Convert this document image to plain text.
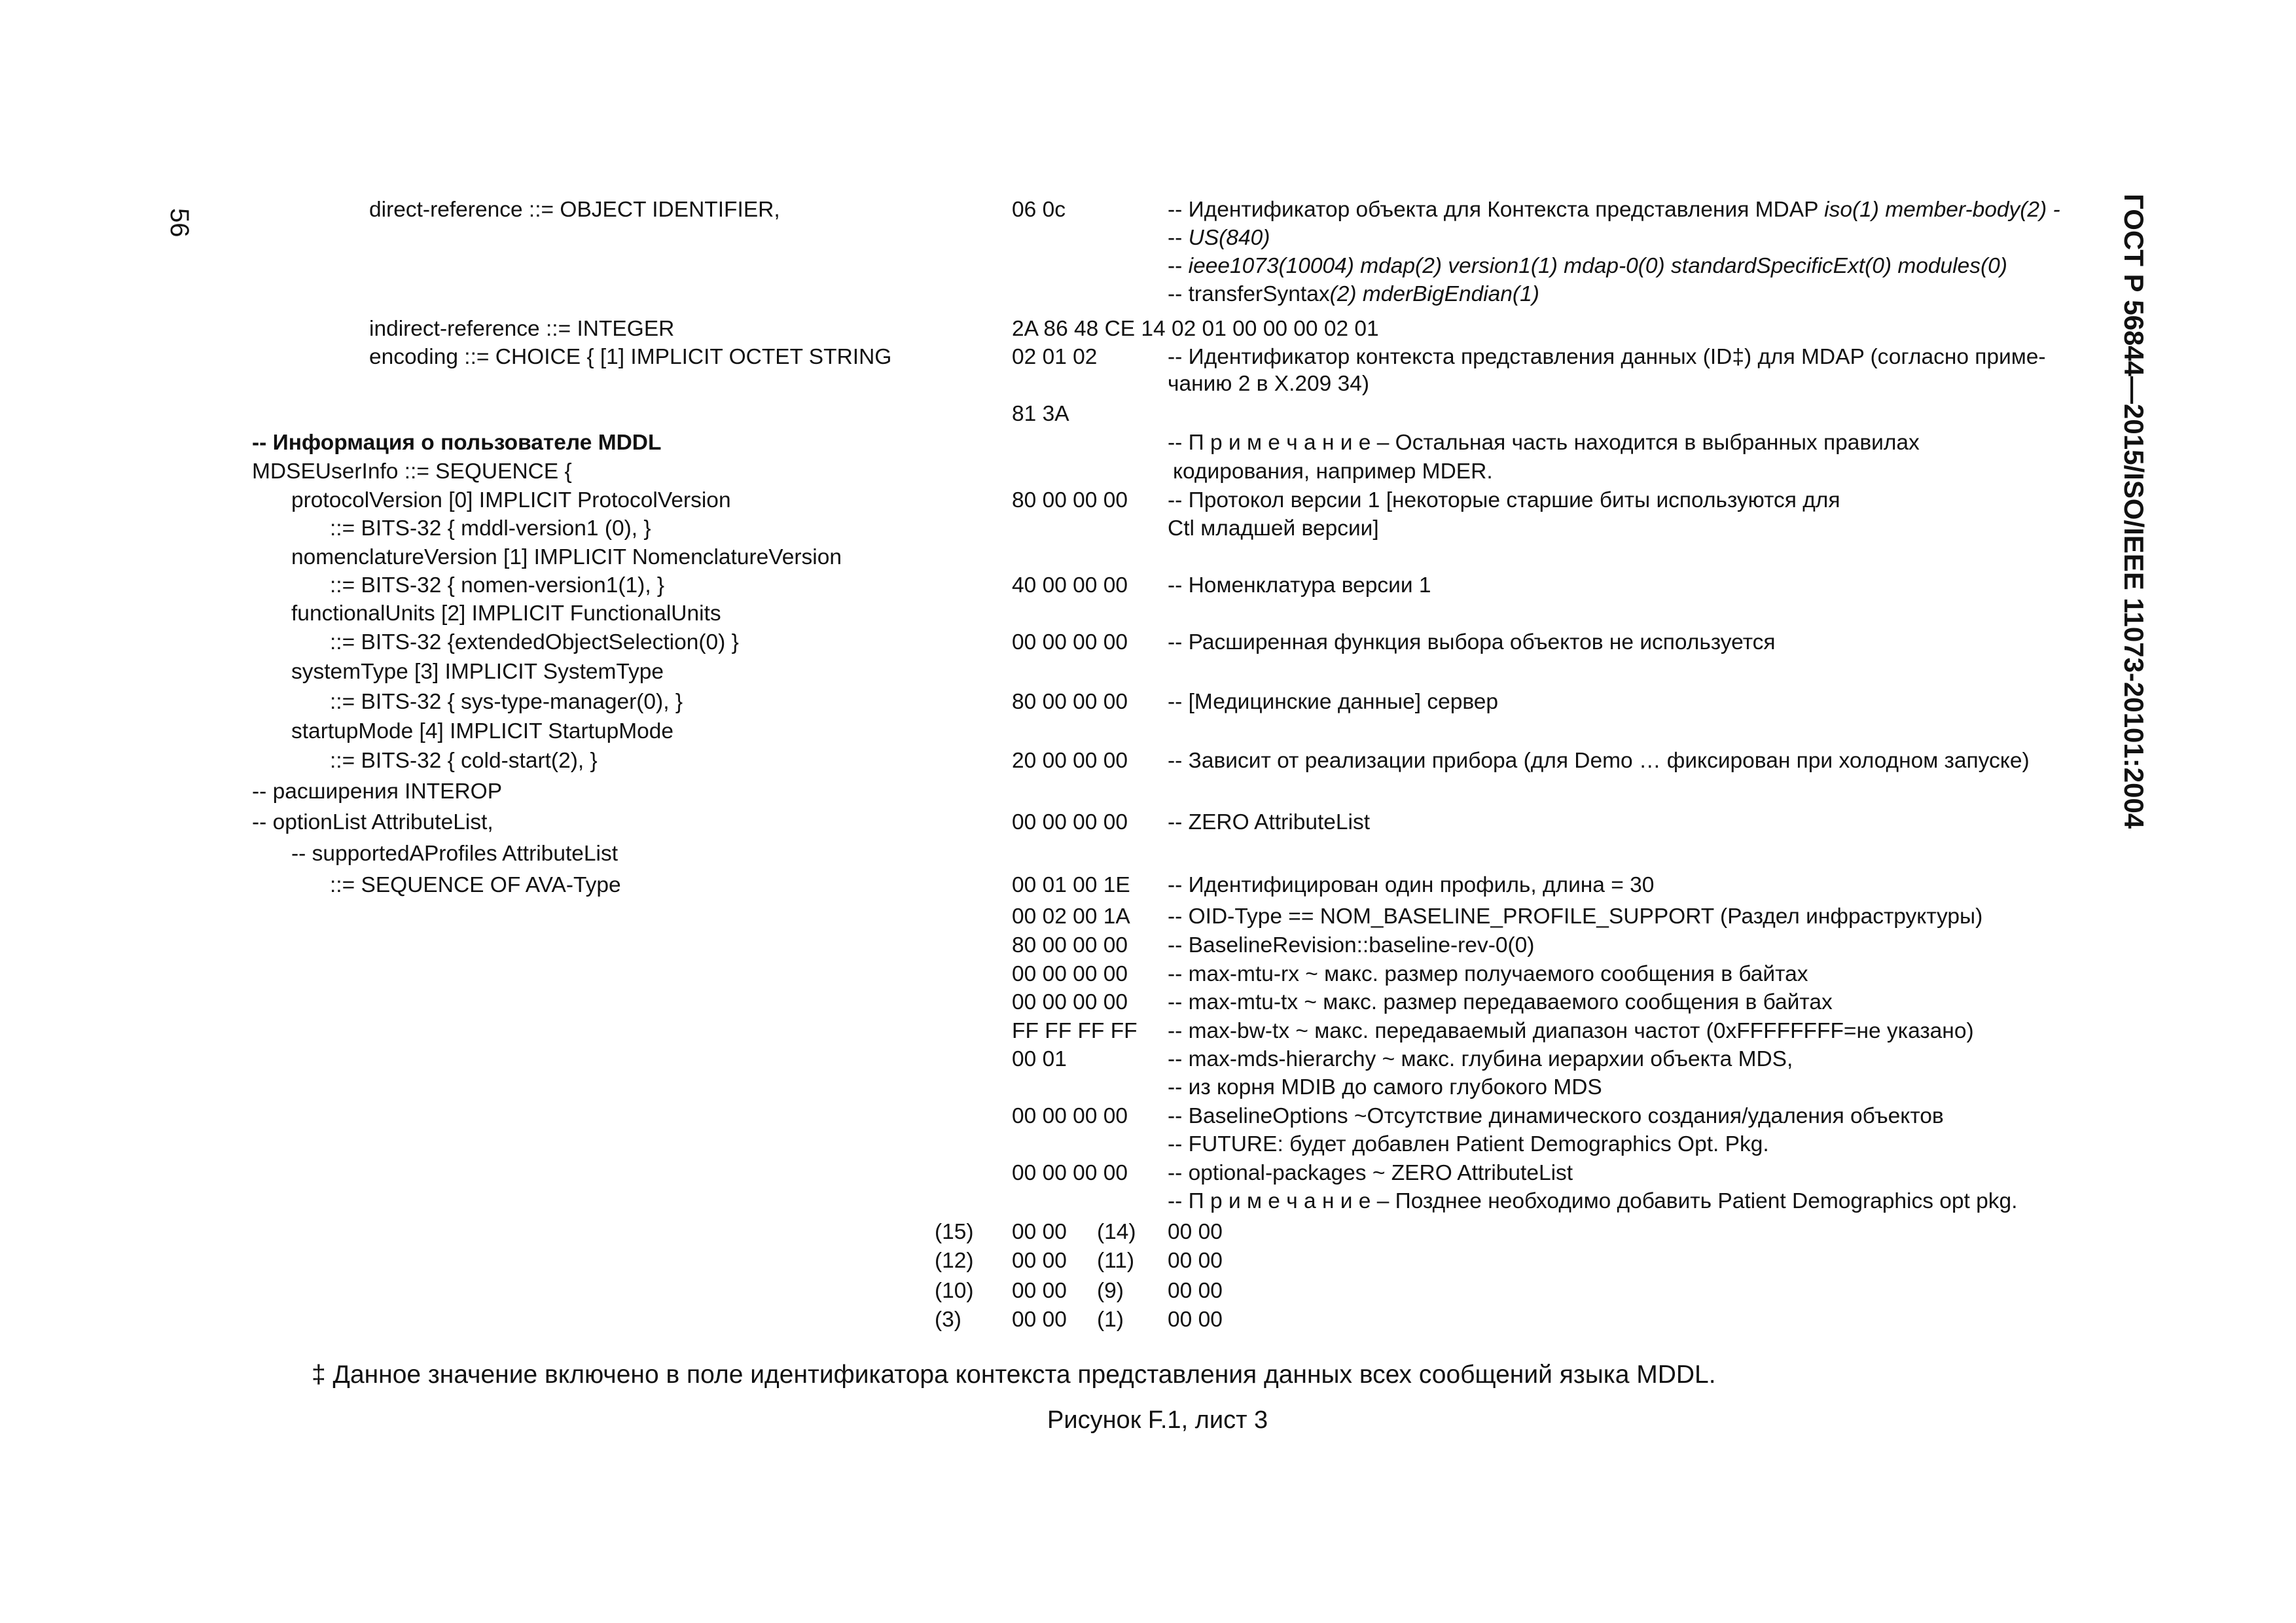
56	ГОСТ Р 56844—2015/ISO/IEEE 11073-20101:2004
direct-reference ::= OBJECT IDENTIFIER,
indirect-reference ::= INTEGER
encoding ::= CHOICE { [1] IMPLICIT OCTET STRING
-- Информация о пользователе MDDL
MDSEUserInfo ::= SEQUENCE {
protocolVersion [0] IMPLICIT ProtocolVersion
::= BITS-32 { mddl-version1 (0), }
nomenclatureVersion [1] IMPLICIT NomenclatureVersion
::= BITS-32 { nomen-version1(1), }
functionalUnits [2] IMPLICIT FunctionalUnits
::= BITS-32 {extendedObjectSelection(0) }
systemType [3] IMPLICIT SystemType
::= BITS-32 { sys-type-manager(0), }
startupMode [4] IMPLICIT StartupMode
::= BITS-32 { cold-start(2), }
-- расширения INTEROP
-- optionList AttributeList,
-- supportedAProfiles AttributeList
::= SEQUENCE OF AVA-Type
06 0c
2A 86 48 CE 14 02 01 00 00 00 02 01
02 01 02
81 3A
80 00 00 00
40 00 00 00
00 00 00 00
80 00 00 00
20 00 00 00
00 00 00 00
00 01 00 1E
00 02 00 1A
80 00 00 00
00 00 00 00
00 00 00 00
FF FF FF FF
00 01
00 00 00 00
00 00 00 00
-- Идентификатор объекта для Контекста представления MDAP iso(1) member-body(2) -
-- US(840)
-- ieee1073(10004) mdap(2) version1(1) mdap-0(0) standardSpecificExt(0) modules(0)
-- transferSyntax(2) mderBigEndian(1)
-- Идентификатор контекста представления данных (ID‡) для MDAP (согласно приме-
чанию 2 в X.209 34)
-- П р и м е ч а н и е – Остальная часть находится в выбранных правилах
кодирования, например MDER.
-- Протокол версии 1 [некоторые старшие биты используются для
Ctl младшей версии]
-- Номенклатура версии 1
-- Расширенная функция выбора объектов не используется
-- [Медицинские данные] сервер
-- Зависит от реализации прибора (для Demo … фиксирован при холодном запуске)
-- ZERO AttributeList
-- Идентифицирован один профиль, длина = 30
-- OID-Type == NOM_BASELINE_PROFILE_SUPPORT (Раздел инфраструктуры)
-- BaselineRevision::baseline-rev-0(0)
-- max-mtu-rx ~ макс. размер получаемого сообщения в байтах
-- max-mtu-tx ~ макс. размер передаваемого сообщения в байтах
-- max-bw-tx ~ макс. передаваемый диапазон частот (0xFFFFFFFF=не указано)
-- max-mds-hierarchy ~ макс. глубина иерархии объекта MDS,
-- из корня MDIB до самого глубокого MDS
-- BaselineOptions ~Отсутствие динамического создания/удаления объектов
-- FUTURE: будет добавлен Patient Demographics Opt. Pkg.
-- optional-packages ~ ZERO AttributeList
-- П р и м е ч а н и е – Позднее необходимо добавить Patient Demographics opt pkg.
(15) 00 00 (14) 00 00
(12) 00 00 (11) 00 00
(10) 00 00 (9) 00 00
(3) 00 00 (1) 00 00
‡ Данное значение включено в поле идентификатора контекста представления данных всех сообщений языка MDDL.
Рисунок F.1, лист 3
